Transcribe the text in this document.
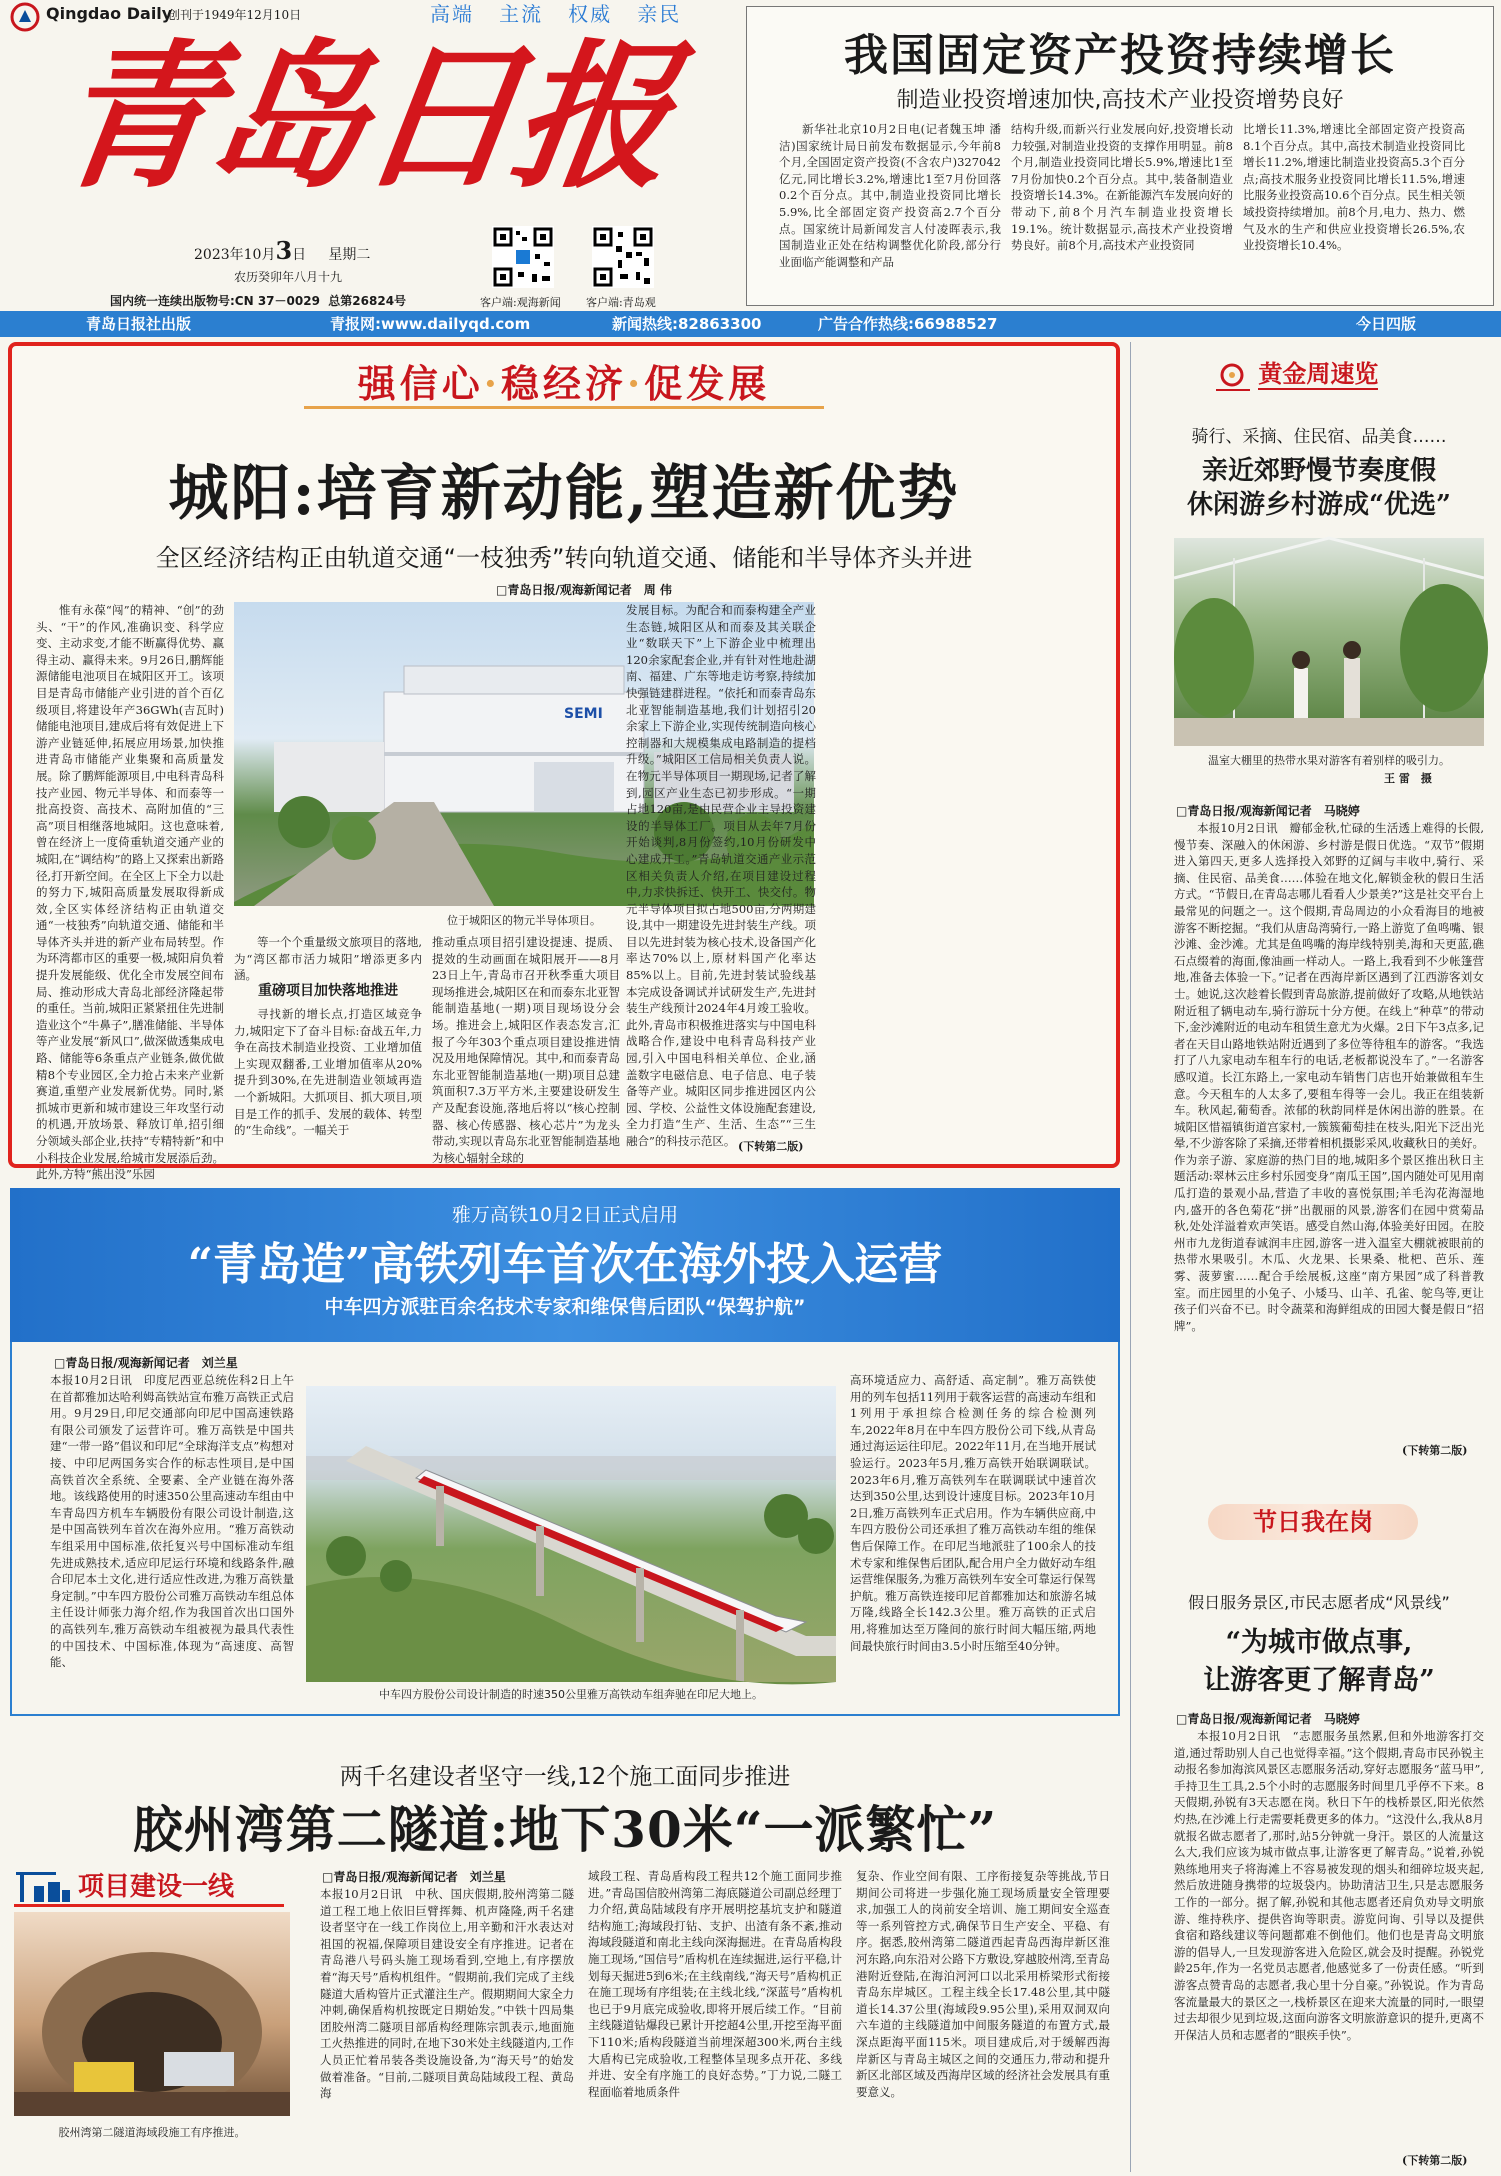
Qingdao Daily
创刊于1949年12月10日	高端 主流 权威 亲民
青岛日报
2023年10月3日 星期二
农历癸卯年八月十九
国内统一连续出版物号:CN 37－0029 总第26824号	客户端:观海新闻 客户端:青岛观
我国固定资产投资持续增长
制造业投资增速加快,高技术产业投资增势良好
新华社北京10月2日电(记者魏玉坤 潘洁)国家统计局日前发布数据显示,今年前8个月,全国固定资产投资(不含农户)327042亿元,同比增长3.2%,增速比1至7月份回落0.2个百分点。其中,制造业投资同比增长5.9%,比全部固定资产投资高2.7个百分点。国家统计局新闻发言人付凌晖表示,我国制造业正处在结构调整优化阶段,部分行业面临产能调整和产品
结构升级,而新兴行业发展向好,投资增长动力较强,对制造业投资的支撑作用明显。前8个月,制造业投资同比增长5.9%,增速比1至7月份加快0.2个百分点。其中,装备制造业投资增长14.3%。在新能源汽车发展向好的带动下,前8个月汽车制造业投资增长19.1%。统计数据显示,高技术产业投资增势良好。前8个月,高技术产业投资同
比增长11.3%,增速比全部固定资产投资高8.1个百分点。其中,高技术制造业投资同比增长11.2%,增速比制造业投资高5.3个百分点;高技术服务业投资同比增长11.5%,增速比服务业投资高10.6个百分点。民生相关领域投资持续增加。前8个月,电力、热力、燃气及水的生产和供应业投资增长26.5%,农业投资增长10.4%。
青岛日报社出版	青报网:www.dailyqd.com	新闻热线:82863300	广告合作热线:66988527	今日四版
强信心·稳经济·促发展
城阳:培育新动能,塑造新优势
全区经济结构正由轨道交通“一枝独秀”转向轨道交通、储能和半导体齐头并进
□青岛日报/观海新闻记者　周 伟
惟有永葆“闯”的精神、“创”的劲头、“干”的作风,准确识变、科学应变、主动求变,才能不断赢得优势、赢得主动、赢得未来。9月26日,鹏辉能源储能电池项目在城阳区开工。该项目是青岛市储能产业引进的首个百亿级项目,将建设年产36GWh(吉瓦时)储能电池项目,建成后将有效促进上下游产业链延伸,拓展应用场景,加快推进青岛市储能产业集聚和高质量发展。除了鹏辉能源项目,中电科青岛科技产业园、物元半导体、和而泰等一批高投资、高技术、高附加值的“三高”项目相继落地城阳。这也意味着,曾在经济上一度倚重轨道交通产业的城阳,在“调结构”的路上又探索出新路径,打开新空间。在全区上下全力以赴的努力下,城阳高质量发展取得新成效,全区实体经济结构正由轨道交通“一枝独秀”向轨道交通、储能和半导体齐头并进的新产业布局转型。作为环湾都市区的重要一极,城阳肩负着提升发展能级、优化全市发展空间布局、推动形成大青岛北部经济隆起带的重任。当前,城阳正紧紧扭住先进制造业这个“牛鼻子”,膳准储能、半导体等产业发展“新风口”,做深做透集成电路、储能等6条重点产业链条,做优做精8个专业园区,全力抢占未来产业新赛道,重塑产业发展新优势。同时,紧抓城市更新和城市建设三年攻坚行动的机遇,开放场景、释放订单,招引细分领域头部企业,扶持“专精特新”和中小科技企业发展,给城市发展添后劲。此外,方特“熊出没”乐园
SEMI
位于城阳区的物元半导体项目。
等一个个重量级文旅项目的落地,为“湾区都市活力城阳”增添更多内涵。
重磅项目加快落地推进
寻找新的增长点,打造区域竞争力,城阳定下了奋斗目标:奋战五年,力争在高技术制造业投资、工业增加值上实现双翻番,工业增加值率从20%提升到30%,在先进制造业领域再造一个新城阳。大抓项目、抓大项目,项目是工作的抓手、发展的载体、转型的“生命线”。一幅关于
推动重点项目招引建设提速、提质、提效的生动画面在城阳展开——8月23日上午,青岛市召开秋季重大项目现场推进会,城阳区在和而泰东北亚智能制造基地(一期)项目现场设分会场。推进会上,城阳区作表态发言,汇报了今年303个重点项目建设推进情况及用地保障情况。其中,和而泰青岛东北亚智能制造基地(一期)项目总建筑面积7.3万平方米,主要建设研发生产及配套设施,落地后将以“核心控制器、核心传感器、核心芯片”为龙头带动,实现以青岛东北亚智能制造基地为核心辐射全球的
发展目标。为配合和而泰构建全产业生态链,城阳区从和而泰及其关联企业“数联天下”上下游企业中梳理出120余家配套企业,并有针对性地赴湖南、福建、广东等地走访考察,持续加快强链建群进程。“依托和而泰青岛东北亚智能制造基地,我们计划招引20余家上下游企业,实现传统制造向核心控制器和大规模集成电路制造的提档升级。”城阳区工信局相关负责人说。在物元半导体项目一期现场,记者了解到,园区产业生态已初步形成。“一期占地120亩,是由民营企业主导投资建设的半导体工厂。项目从去年7月份开始谈判,8月份签约,10月份研发中心建成开工。”青岛轨道交通产业示范区相关负责人介绍,在项目建设过程中,力求快拆迁、快开工、快交付。物元半导体项目拟占地500亩,分两期建设,其中一期建设先进封装生产线。项目以先进封装为核心技术,设备国产化率达70%以上,原材料国产化率达85%以上。目前,先进封装试验线基本完成设备调试并试研发生产,先进封装生产线预计2024年4月竣工验收。此外,青岛市积极推进落实与中国电科战略合作,建设中电科青岛科技产业园,引入中国电科相关单位、企业,涵盖数字电磁信息、电子信息、电子装备等产业。城阳区同步推进园区内公园、学校、公益性文体设施配套建设,全力打造“生产、生活、生态”“三生融合”的科技示范区。 (下转第二版)
黄金周速览
骑行、采摘、住民宿、品美食……
亲近郊野慢节奏度假
休闲游乡村游成“优选”
温室大棚里的热带水果对游客有着别样的吸引力。
王 雷　摄
□青岛日报/观海新闻记者　马晓婷
本报10月2日讯　瓣郁金秋,忙碌的生活透上难得的长假,慢节奏、深融入的休闲游、乡村游是假日优选。“双节”假期进入第四天,更多人选择投入郊野的辽阔与丰收中,骑行、采摘、住民宿、品美食……体验在地文化,解锁金秋的假日生活方式。“节假日,在青岛志哪儿看看人少景美?”这是社交平台上最常见的问题之一。这个假期,青岛周边的小众看海目的地被游客不断挖掘。“我们从唐岛湾骑行,一路上游览了鱼鸣嘴、银沙滩、金沙滩。尤其是鱼鸣嘴的海岸线特别美,海和天更蓝,礁石点缀着的海面,像油画一样动人。一路上,我看到不少帐篷营地,准备去体验一下。”记者在西海岸新区遇到了江西游客刘女士。她说,这次趁着长假到青岛旅游,提前做好了攻略,从地铁站附近租了辆电动车,骑行游玩十分方便。在线上“种草”的带动下,金沙滩附近的电动车租赁生意尤为火爆。2日下午3点多,记者在天目山路地铁站附近遇到了多位等待租车的游客。“我选打了八九家电动车租车行的电话,老板都说没车了。”一名游客感叹道。长江东路上,一家电动车销售门店也开始兼做租车生意。今天租车的人太多了,要租车得等一会儿。我正在组装新车。秋风起,葡萄香。浓郁的秋韵同样是休闲出游的胜景。在城阳区惜福镇街道宫家村,一簇簇葡萄挂在枝头,阳光下泛出光晕,不少游客除了采摘,还带着相机摄影采风,收藏秋日的美好。作为亲子游、家庭游的热门目的地,城阳多个景区推出秋日主题活动:翠林云庄乡村乐园变身“南瓜王国”,国内随处可见用南瓜打造的景观小品,营造了丰收的喜悦氛围;羊毛沟花海湿地内,盛开的各色菊花“拼”出靓丽的风景,游客们在园中赏菊品秋,处处洋溢着欢声笑语。感受自然山海,体验美好田园。在胶州市九龙街道春诚润丰庄园,游客一进入温室大棚就被眼前的热带水果吸引。木瓜、火龙果、长果桑、枇杷、芭乐、莲雾、菠萝蜜……配合手绘展板,这座“南方果园”成了科普教室。而庄园里的小兔子、小矮马、山羊、孔雀、鸵鸟等,更让孩子们兴奋不已。时令蔬菜和海鲜组成的田园大餐是假日“招牌”。
(下转第二版)
节日我在岗
假日服务景区,市民志愿者成“风景线”
“为城市做点事,
让游客更了解青岛”
□青岛日报/观海新闻记者　马晓婷
本报10月2日讯　“志愿服务虽然累,但和外地游客打交道,通过帮助别人自己也觉得幸福。”这个假期,青岛市民孙锐主动报名参加海滨风景区志愿服务活动,穿好志愿服务“蓝马甲”,手持卫生工具,2.5个小时的志愿服务时间里几乎停不下来。8天假期,孙锐有3天志愿在岗。秋日下午的栈桥景区,阳光依然灼热,在沙滩上行走需要耗费更多的体力。“这没什么,我从8月就报名做志愿者了,那时,站5分钟就一身汗。景区的人流量这么大,我们应该为城市做点事,让游客更了解青岛。”说着,孙锐熟练地用夹子将海滩上不容易被发现的烟头和细碎垃圾夹起,然后放进随身携带的垃圾袋内。协助清洁卫生,只是志愿服务工作的一部分。据了解,孙锐和其他志愿者还肩负劝导文明旅游、维持秩序、提供咨询等职责。游览问询、引导以及提供食宿和路线建议等问题都难不倒他们。他们也是青岛文明旅游的倡导人,一旦发现游客进入危险区,就会及时提醒。孙锐党龄25年,作为一名党员志愿者,他感觉多了一份责任感。“听到游客点赞青岛的志愿者,我心里十分自豪。”孙锐说。作为青岛客流量最大的景区之一,栈桥景区在迎来大流量的同时,一眼望过去却很少见到垃圾,这面向游客文明旅游意识的提升,更离不开保洁人员和志愿者的“眼疾手快”。
(下转第二版)
雅万高铁10月2日正式启用
“青岛造”高铁列车首次在海外投入运营
中车四方派驻百余名技术专家和维保售后团队“保驾护航”
□青岛日报/观海新闻记者　刘兰星
本报10月2日讯　印度尼西亚总统佐科2日上午在首都雅加达哈利姆高铁站宣布雅万高铁正式启用。9月29日,印尼交通部向印尼中国高速铁路有限公司颁发了运营许可。雅万高铁是中国共建“一带一路”倡议和印尼“全球海洋支点”构想对接、中印尼两国务实合作的标志性项目,是中国高铁首次全系统、全要素、全产业链在海外落地。该线路使用的时速350公里高速动车组由中车青岛四方机车车辆股份有限公司设计制造,这是中国高铁列车首次在海外应用。“雅万高铁动车组采用中国标准,依托复兴号中国标准动车组先进成熟技术,适应印尼运行环境和线路条件,融合印尼本土文化,进行适应性改进,为雅万高铁量身定制。”中车四方股份公司雅万高铁动车组总体主任设计师张力海介绍,作为我国首次出口国外的高铁列车,雅万高铁动车组被视为最具代表性的中国技术、中国标准,体现为“高速度、高智能、
中车四方股份公司设计制造的时速350公里雅万高铁动车组奔驰在印尼大地上。
高环境适应力、高舒适、高定制”。雅万高铁使用的列车包括11列用于载客运营的高速动车组和1列用于承担综合检测任务的综合检测列车,2022年8月在中车四方股份公司下线,从青岛通过海运运往印尼。2022年11月,在当地开展试验运行。2023年5月,雅万高铁开始联调联试。2023年6月,雅万高铁列车在联调联试中速首次达到350公里,达到设计速度目标。2023年10月2日,雅万高铁列车正式启用。作为车辆供应商,中车四方股份公司还承担了雅万高铁动车组的维保售后保障工作。在印尼当地派驻了100余人的技术专家和维保售后团队,配合用户全力做好动车组运营维保服务,为雅万高铁列车安全可靠运行保驾护航。雅万高铁连接印尼首都雅加达和旅游名城万隆,线路全长142.3公里。雅万高铁的正式启用,将雅加达至万隆间的旅行时间大幅压缩,两地间最快旅行时间由3.5小时压缩至40分钟。
两千名建设者坚守一线,12个施工面同步推进
胶州湾第二隧道:地下30米“一派繁忙”
项目建设一线
胶州湾第二隧道海域段施工有序推进。
□青岛日报/观海新闻记者　刘兰星
本报10月2日讯　中秋、国庆假期,胶州湾第二隧道工程工地上依旧巨臂挥舞、机声隆隆,两千名建设者坚守在一线工作岗位上,用辛勤和汗水表达对祖国的祝福,保障项目建设安全有序推进。记者在青岛港八号码头施工现场看到,空地上,有序摆放着“海天号”盾构机组件。“假期前,我们完成了主线隧道大盾构管片正式灌注生产。假期期间大家全力冲刺,确保盾构机按既定日期始发。”中铁十四局集团胶州湾二隧项目部盾构经理陈宗凯表示,地面施工火热推进的同时,在地下30米处主线隧道内,工作人员正忙着吊装各类设施设备,为“海天号”的始发做着准备。“目前,二隧项目黄岛陆域段工程、黄岛海
域段工程、青岛盾构段工程共12个施工面同步推进。”青岛国信胶州湾第二海底隧道公司副总经理丁力介绍,黄岛陆域段有序开展明挖基坑支护和隧道结构施工;海域段打钻、支护、出渣有条不紊,推动海域段隧道和南北主线向深海掘进。在青岛盾构段施工现场,“国信号”盾构机在连续掘进,运行平稳,计划每天掘进5到6米;在主线南线,“海天号”盾构机正在施工现场有序组装;在主线北线,“深蓝号”盾构机也已于9月底完成验收,即将开展后续工作。“目前主线隧道钻爆段已累计开挖超4公里,开挖至海平面下110米;盾构段隧道当前埋深超300米,两台主线大盾构已完成验收,工程整体呈现多点开花、多线并进、安全有序施工的良好态势。”丁力说,二隧工程面临着地质条件
复杂、作业空间有限、工序衔接复杂等挑战,节日期间公司将进一步强化施工现场质量安全管理要求,加强工人的岗前安全培训、施工期间安全巡查等一系列管控方式,确保节日生产安全、平稳、有序。据悉,胶州湾第二隧道西起青岛西海岸新区淮河东路,向东沿对公路下方敷设,穿越胶州湾,至青岛港附近登陆,在海泊河河口以北采用桥梁形式衔接青岛东岸城区。工程主线全长17.48公里,其中隧道长14.37公里(海域段9.95公里),采用双洞双向六车道的主线隧道加中间服务隧道的布置方式,最深点距海平面115米。项目建成后,对于缓解西海岸新区与青岛主城区之间的交通压力,带动和提升新区北部区域及西海岸区域的经济社会发展具有重要意义。
